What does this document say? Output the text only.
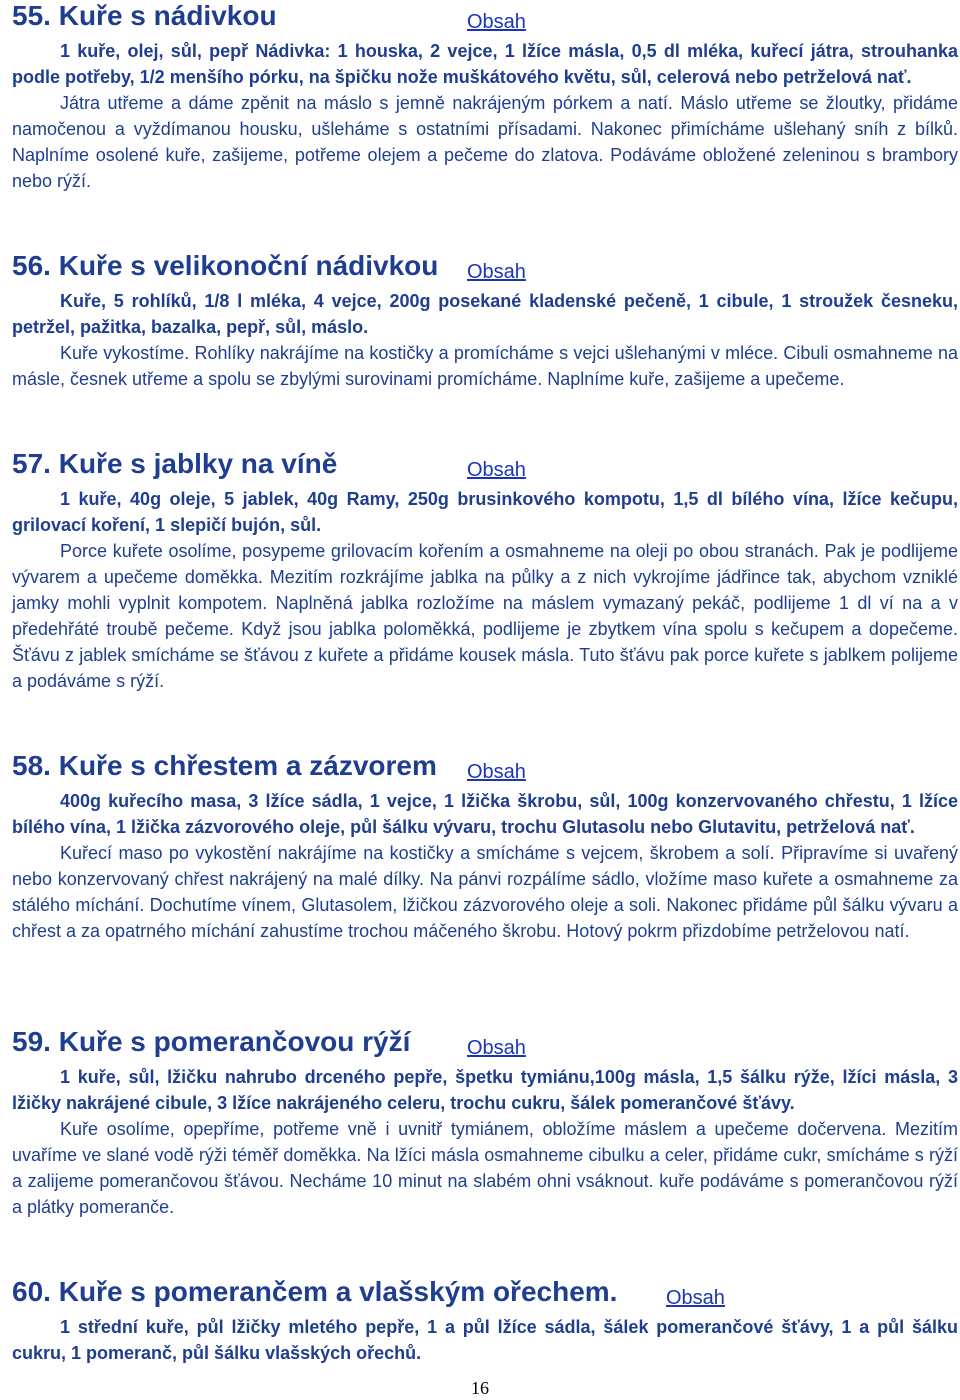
55. Kuře s nádivkou	Obsah

1 kuře, olej, sůl, pepř Nádivka: 1 houska, 2 vejce, 1 lžíce másla, 0,5 dl mléka, kuřecí játra, strouhanka podle potřeby, 1/2 menšího pórku, na špičku nože muškátového květu, sůl, celerová nebo petrželová nať.

Játra utřeme a dáme zpěnit na máslo s jemně nakrájeným pórkem a natí. Máslo utřeme se žloutky, přidáme namočenou a vyždímanou housku, ušleháme s ostatními přísadami. Nakonec přimícháme ušlehaný sníh z bílků. Naplníme osolené kuře, zašijeme, potřeme olejem a pečeme do zlatova. Podáváme obložené zeleninou s brambory nebo rýží.

56. Kuře s velikonoční nádivkou Obsah

Kuře, 5 rohlíků, 1/8 l mléka, 4 vejce, 200g posekané kladenské pečeně, 1 cibule, 1 stroužek česneku, petržel, pažitka, bazalka, pepř, sůl, máslo.

Kuře vykostíme. Rohlíky nakrájíme na kostičky a promícháme s vejci ušlehanými v mléce. Cibuli osmahneme na másle, česnek utřeme a spolu se zbylými surovinami promícháme. Naplníme kuře, zašijeme a upečeme.

57. Kuře s jablky na víně	Obsah

1 kuře, 40g oleje, 5 jablek, 40g Ramy, 250g brusinkového kompotu, 1,5 dl bílého vína, lžíce kečupu, grilovací koření, 1 slepičí bujón, sůl.

Porce kuřete osolíme, posypeme grilovacím kořením a osmahneme na oleji po obou stranách. Pak je podlijeme vývarem a upečeme doměkka. Mezitím rozkrájíme jablka na půlky a z nich vykrojíme jádřince tak, abychom vzniklé jamky mohli vyplnit kompotem. Naplněná jablka rozložíme na máslem vymazaný pekáč, podlijeme 1 dl ví na a v předehřáté troubě pečeme. Když jsou jablka poloměkká, podlijeme je zbytkem vína spolu s kečupem a dopečeme. Šťávu z jablek smícháme se šťávou z kuřete a přidáme kousek másla. Tuto šťávu pak porce kuřete s jablkem polijeme a podáváme s rýží.

58. Kuře s chřestem a zázvorem Obsah

400g kuřecího masa, 3 lžíce sádla, 1 vejce, 1 lžička škrobu, sůl, 100g konzervovaného chřestu, 1 lžíce bílého vína, 1 lžička zázvorového oleje, půl šálku vývaru, trochu Glutasolu nebo Glutavitu, petrželová nať.

Kuřecí maso po vykostění nakrájíme na kostičky a smícháme s vejcem, škrobem a solí. Připravíme si uvařený nebo konzervovaný chřest nakrájený na malé dílky. Na pánvi rozpálíme sádlo, vložíme maso kuřete a osmahneme za stálého míchání. Dochutíme vínem, Glutasolem, lžičkou zázvorového oleje a soli. Nakonec přidáme půl šálku vývaru a chřest a za opatrného míchání zahustíme trochou máčeného škrobu. Hotový pokrm přizdobíme petrželovou natí.

59. Kuře s pomerančovou rýží	Obsah

1 kuře, sůl, lžičku nahrubo drceného pepře, špetku tymiánu,100g másla, 1,5 šálku rýže, lžíci másla, 3 lžičky nakrájené cibule, 3 lžíce nakrájeného celeru, trochu cukru, šálek pomerančové šťávy.

Kuře osolíme, opepříme, potřeme vně i uvnitř tymiánem, obložíme máslem a upečeme dočervena. Mezitím uvaříme ve slané vodě rýži téměř doměkka. Na lžíci másla osmahneme cibulku a celer, přidáme cukr, smícháme s rýží a zalijeme pomerančovou šťávou. Necháme 10 minut na slabém ohni vsáknout. kuře podáváme s pomerančovou rýží a plátky pomeranče.

60. Kuře s pomerančem a vlašským ořechem. Obsah

1 střední kuře, půl lžičky mletého pepře, 1 a půl lžíce sádla, šálek pomerančové šťávy, 1 a půl šálku cukru, 1 pomeranč, půl šálku vlašských ořechů.

16
